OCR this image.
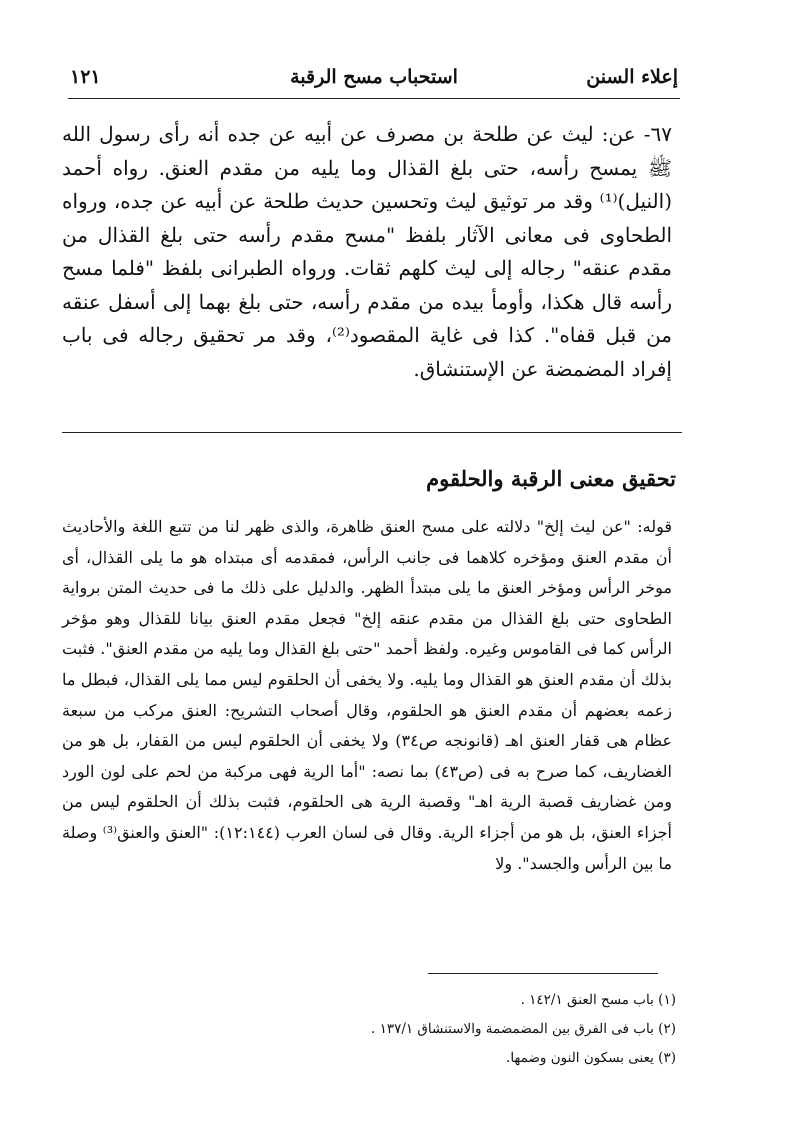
إعلاء السنن
استحباب مسح الرقبة
١٢١
٦٧- عن: ليث عن طلحة بن مصرف عن أبيه عن جده أنه رأى رسول الله ﷺ يمسح رأسه، حتى بلغ القذال وما يليه من مقدم العنق. رواه أحمد (النيل)⁽¹⁾ وقد مر توثيق ليث وتحسين حديث طلحة عن أبيه عن جده، ورواه الطحاوى فى معانى الآثار بلفظ "مسح مقدم رأسه حتى بلغ القذال من مقدم عنقه" رجاله إلى ليث كلهم ثقات. ورواه الطبرانى بلفظ "فلما مسح رأسه قال هكذا، وأومأ بيده من مقدم رأسه، حتى بلغ بهما إلى أسفل عنقه من قبل قفاه". كذا فى غاية المقصود⁽²⁾، وقد مر تحقيق رجاله فى باب إفراد المضمضة عن الإستنشاق.
تحقيق معنى الرقبة والحلقوم
قوله: "عن ليث إلخ" دلالته على مسح العنق ظاهرة، والذى ظهر لنا من تتبع اللغة والأحاديث أن مقدم العنق ومؤخره كلاهما فى جانب الرأس، فمقدمه أى مبتداه هو ما يلى القذال، أى موخر الرأس ومؤخر العنق ما يلى مبتدأ الظهر. والدليل على ذلك ما فى حديث المتن برواية الطحاوى حتى بلغ القذال من مقدم عنقه إلخ" فجعل مقدم العنق بيانا للقذال وهو مؤخر الرأس كما فى القاموس وغيره. ولفظ أحمد "حتى بلغ القذال وما يليه من مقدم العنق". فثبت بذلك أن مقدم العنق هو القذال وما يليه. ولا يخفى أن الحلقوم ليس مما يلى القذال، فبطل ما زعمه بعضهم أن مقدم العنق هو الحلقوم، وقال أصحاب التشريح: العنق مركب من سبعة عظام هى قفار العنق اهـ (قانونجه ص٣٤) ولا يخفى أن الحلقوم ليس من القفار، بل هو من الغضاريف، كما صرح به فى (ص٤٣) بما نصه: "أما الرية فهى مركبة من لحم على لون الورد ومن غضاريف قصبة الرية اهـ" وقصبة الرية هى الحلقوم، فثبت بذلك أن الحلقوم ليس من أجزاء العنق، بل هو من أجزاء الرية. وقال فى لسان العرب (١٢:١٤٤): "العنق والعنق⁽³⁾ وصلة ما بين الرأس والجسد". ولا
(١) باب مسح العنق ١٤٢/١ .
(٢) باب فى الفرق بين المضمضمة والاستنشاق ١٣٧/١ .
(٣) يعنى بسكون النون وضمها.
